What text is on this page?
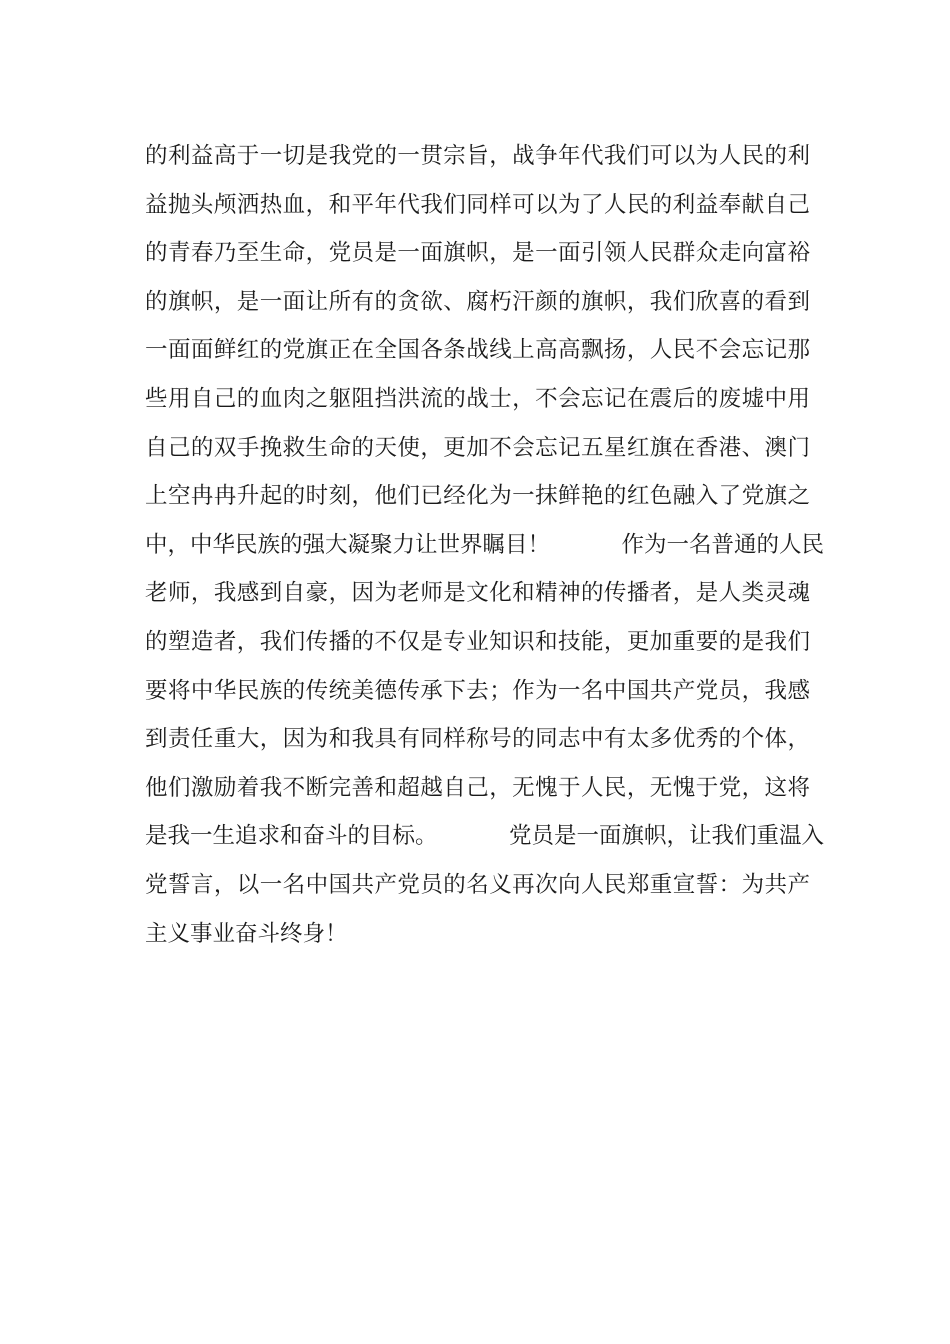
的利益高于一切是我党的一贯宗旨，战争年代我们可以为人民的利
益抛头颅洒热血，和平年代我们同样可以为了人民的利益奉献自己
的青春乃至生命，党员是一面旗帜，是一面引领人民群众走向富裕
的旗帜，是一面让所有的贪欲、腐朽汗颜的旗帜，我们欣喜的看到
一面面鲜红的党旗正在全国各条战线上高高飘扬，人民不会忘记那
些用自己的血肉之躯阻挡洪流的战士，不会忘记在震后的废墟中用
自己的双手挽救生命的天使，更加不会忘记五星红旗在香港、澳门
上空冉冉升起的时刻，他们已经化为一抹鲜艳的红色融入了党旗之
中，中华民族的强大凝聚力让世界瞩目！          作为一名普通的人民
老师，我感到自豪，因为老师是文化和精神的传播者，是人类灵魂
的塑造者，我们传播的不仅是专业知识和技能，更加重要的是我们
要将中华民族的传统美德传承下去；作为一名中国共产党员，我感
到责任重大，因为和我具有同样称号的同志中有太多优秀的个体，
他们激励着我不断完善和超越自己，无愧于人民，无愧于党，这将
是我一生追求和奋斗的目标。          党员是一面旗帜，让我们重温入
党誓言，以一名中国共产党员的名义再次向人民郑重宣誓：为共产
主义事业奋斗终身！
